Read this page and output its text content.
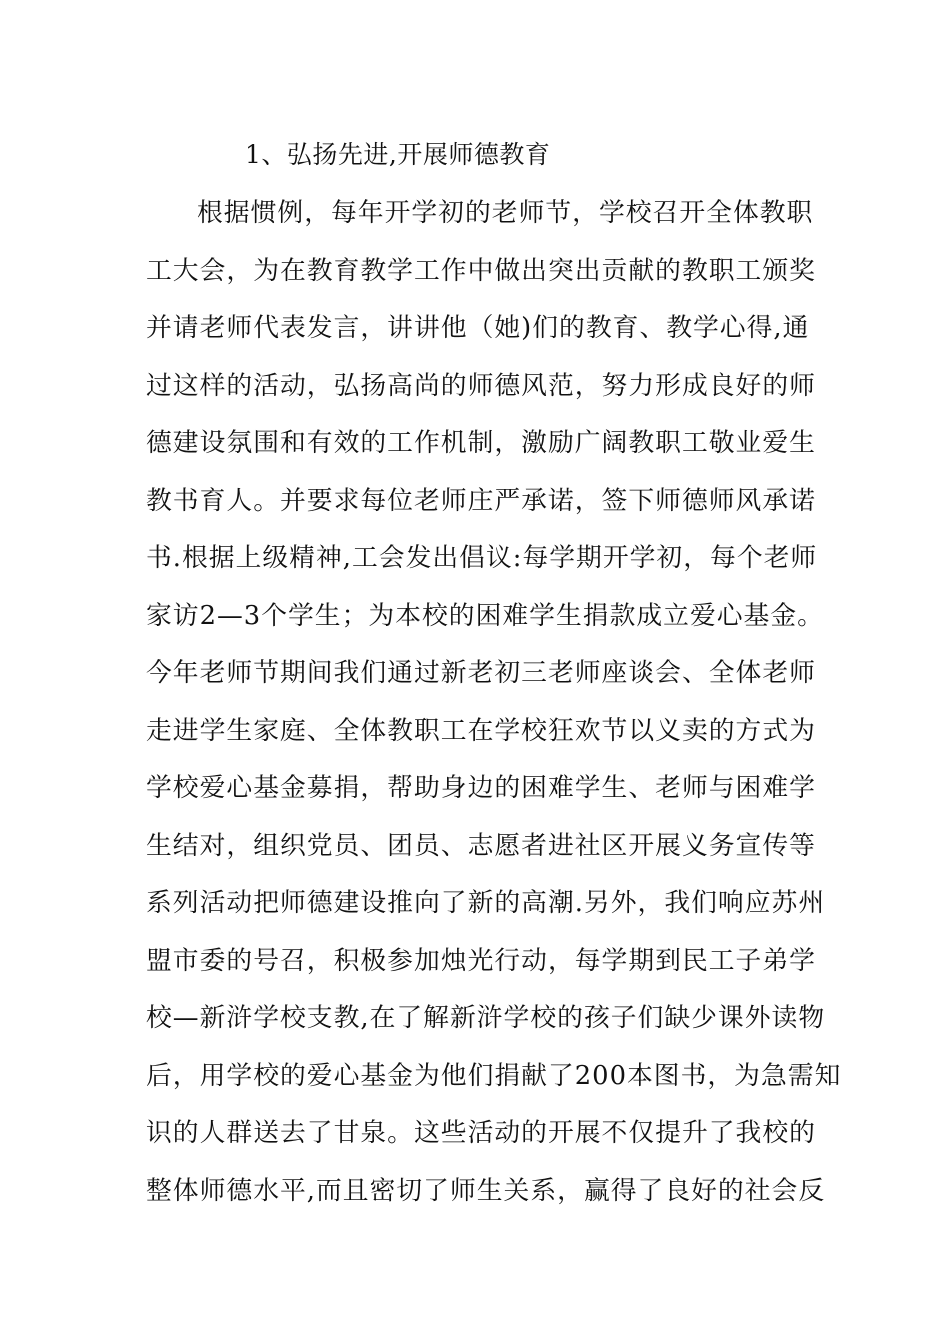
1、弘扬先进,开展师德教育
根据惯例，每年开学初的老师节，学校召开全体教职
工大会，为在教育教学工作中做出突出贡献的教职工颁奖
并请老师代表发言，讲讲他（她)们的教育、教学心得,通
过这样的活动，弘扬高尚的师德风范，努力形成良好的师
德建设氛围和有效的工作机制，激励广阔教职工敬业爱生
教书育人。并要求每位老师庄严承诺，签下师德师风承诺
书.根据上级精神,工会发出倡议:每学期开学初，每个老师
家访2—3个学生；为本校的困难学生捐款成立爱心基金。
今年老师节期间我们通过新老初三老师座谈会、全体老师
走进学生家庭、全体教职工在学校狂欢节以义卖的方式为
学校爱心基金募捐，帮助身边的困难学生、老师与困难学
生结对，组织党员、团员、志愿者进社区开展义务宣传等
系列活动把师德建设推向了新的高潮.另外，我们响应苏州
盟市委的号召，积极参加烛光行动，每学期到民工子弟学
校—新浒学校支教,在了解新浒学校的孩子们缺少课外读物
后，用学校的爱心基金为他们捐献了200本图书，为急需知
识的人群送去了甘泉。这些活动的开展不仅提升了我校的
整体师德水平,而且密切了师生关系，赢得了良好的社会反
